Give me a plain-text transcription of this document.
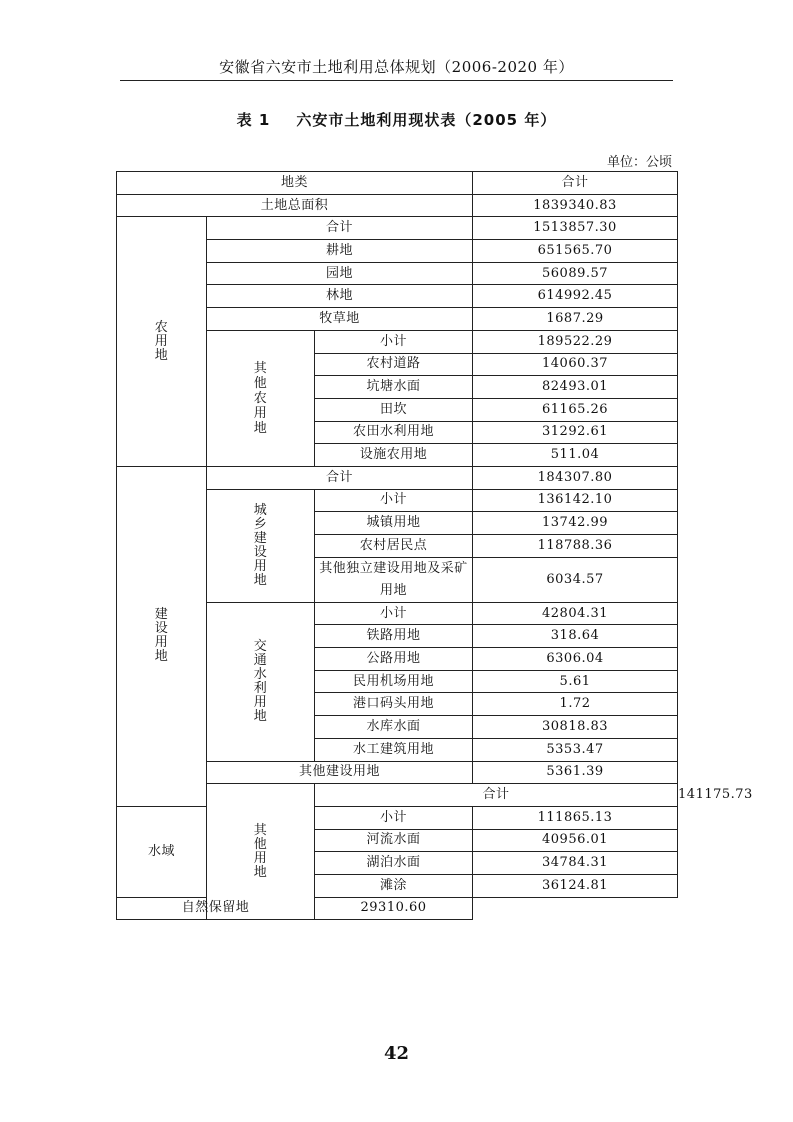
安徽省六安市土地利用总体规划（2006-2020 年）
表 1 六安市土地利用现状表（2005 年）
单位：公顷
地类			合计	
土地总面积			1839340.83	
农用地	合计		1513857.30	
	耕地		651565.70	
	园地		56089.57	
	林地		614992.45	
	牧草地		1687.29	
	其他农用地	小计	189522.29	
		农村道路	14060.37	
		坑塘水面	82493.01	
		田坎	61165.26	
		农田水利用地	31292.61	
		设施农用地	511.04	
建设用地	合计		184307.80	
	城乡建设用地	小计	136142.10	
		城镇用地	13742.99	
		农村居民点	118788.36	
		其他独立建设用地及采矿用地	6034.57	
	交通水利用地	小计	42804.31	
		铁路用地	318.64	
		公路用地	6306.04	
		民用机场用地	5.61	
		港口码头用地	1.72	
		水库水面	30818.83	
		水工建筑用地	5353.47	
	其他建设用地		5361.39	
	其他用地	合计		141175.73
水域		小计	111865.13	
		河流水面	40956.01	
		湖泊水面	34784.31	
		滩涂	36124.81	
自然保留地		29310.60		
42
